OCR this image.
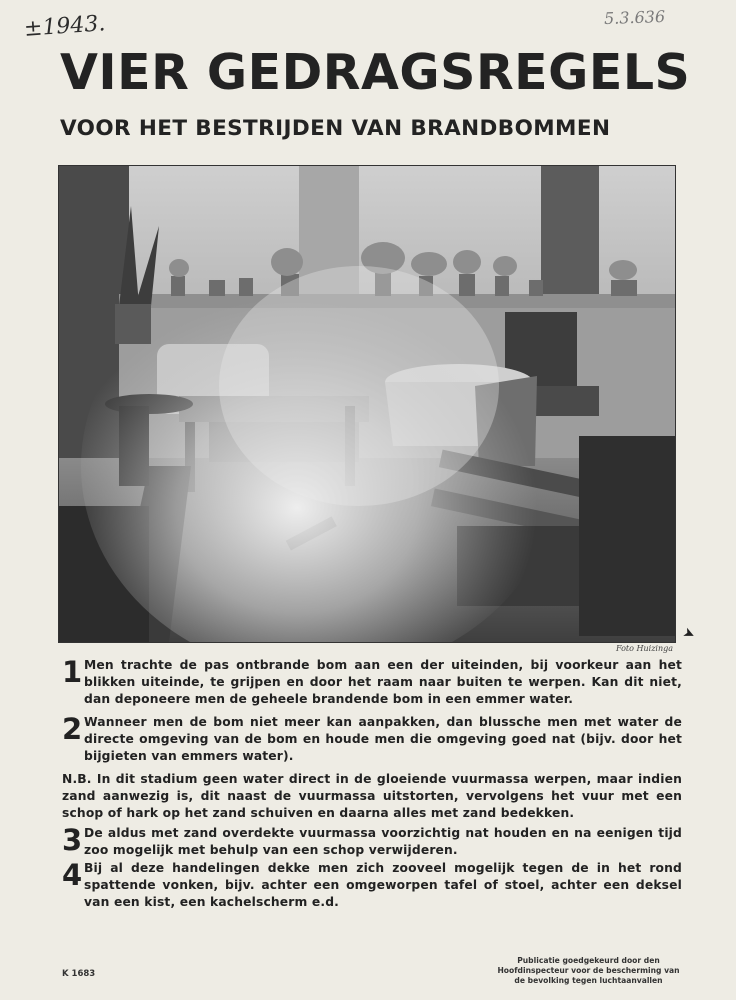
±1943.	5.3.636
VIER GEDRAGSREGELS
VOOR HET BESTRIJDEN VAN BRANDBOMMEN
Foto Huizinga
➤
1 Men trachte de pas ontbrande bom aan een der uiteinden, bij voorkeur aan het blikken uiteinde, te grijpen en door het raam naar buiten te werpen. Kan dit niet, dan deponeere men de geheele brandende bom in een emmer water.
2 Wanneer men de bom niet meer kan aanpakken, dan blussche men met water de directe omgeving van de bom en houde men die omgeving goed nat (bijv. door het bijgieten van emmers water).
N.B. In dit stadium geen water direct in de gloeiende vuurmassa werpen, maar indien zand aanwezig is, dit naast de vuurmassa uitstorten, vervolgens het vuur met een schop of hark op het zand schuiven en daarna alles met zand bedekken.
3 De aldus met zand overdekte vuurmassa voorzichtig nat houden en na eenigen tijd zoo mogelijk met behulp van een schop verwijderen.
4 Bij al deze handelingen dekke men zich zooveel mogelijk tegen de in het rond spattende vonken, bijv. achter een omgeworpen tafel of stoel, achter een deksel van een kist, een kachelscherm e.d.
K 1683
Publicatie goedgekeurd door den Hoofdinspecteur voor de bescherming van de bevolking tegen luchtaanvallen
